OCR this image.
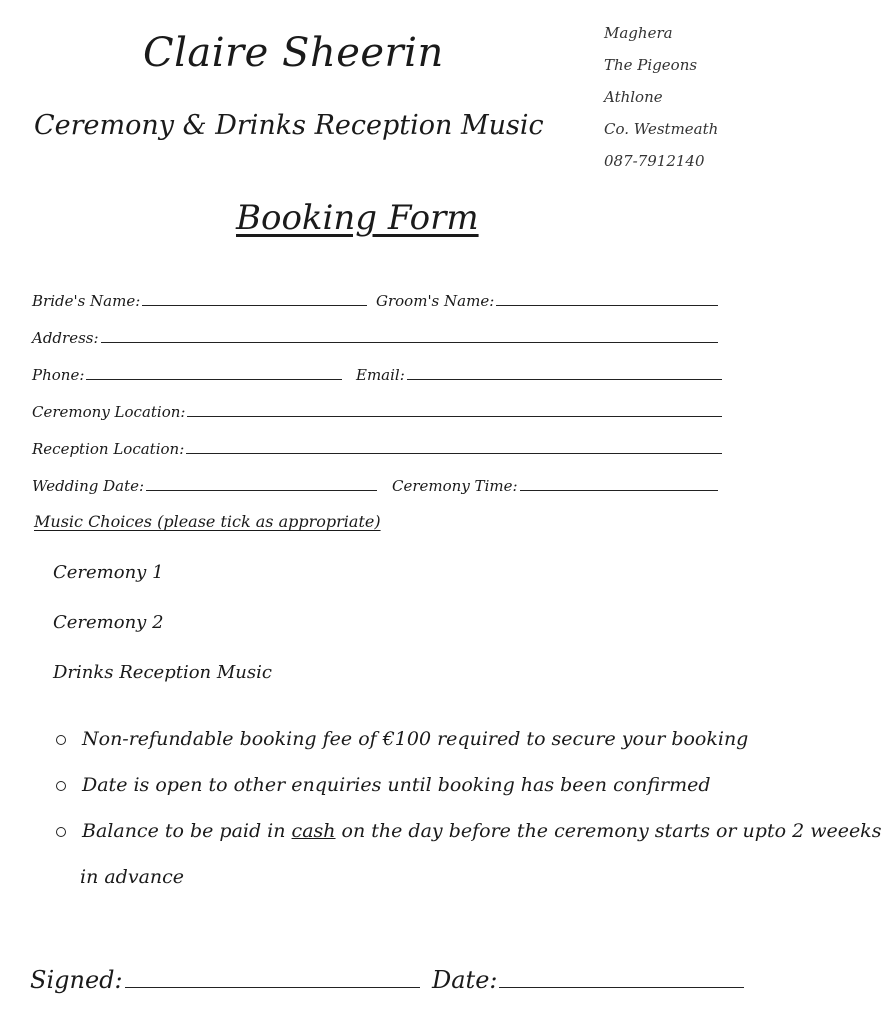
Claire Sheerin
Ceremony & Drinks Reception Music
Maghera
The Pigeons
Athlone
Co. Westmeath
087-7912140
Booking Form
Bride's Name:	Groom's Name:
Address:
Phone:	Email:
Ceremony Location:
Reception Location:
Wedding Date:	Ceremony Time:
Music Choices (please tick as appropriate)
Ceremony 1
Ceremony 2
Drinks Reception Music
Non-refundable booking fee of €100 required to secure your booking
Date is open to other enquiries until booking has been confirmed
Balance to be paid in cash on the day before the ceremony starts or upto 2 weeeks
in advance
Signed:	Date:
